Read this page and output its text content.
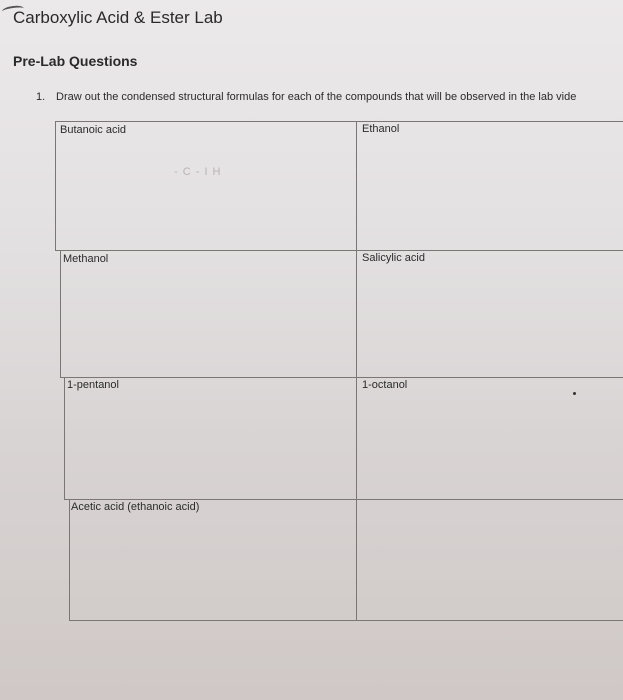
Carboxylic Acid & Ester Lab
Pre-Lab Questions
1. Draw out the condensed structural formulas for each of the compounds that will be observed in the lab vide

Butanoic acid	Ethanol
Methanol	Salicylic acid
1-pentanol	1-octanol
Acetic acid (ethanoic acid)
- C - I H
